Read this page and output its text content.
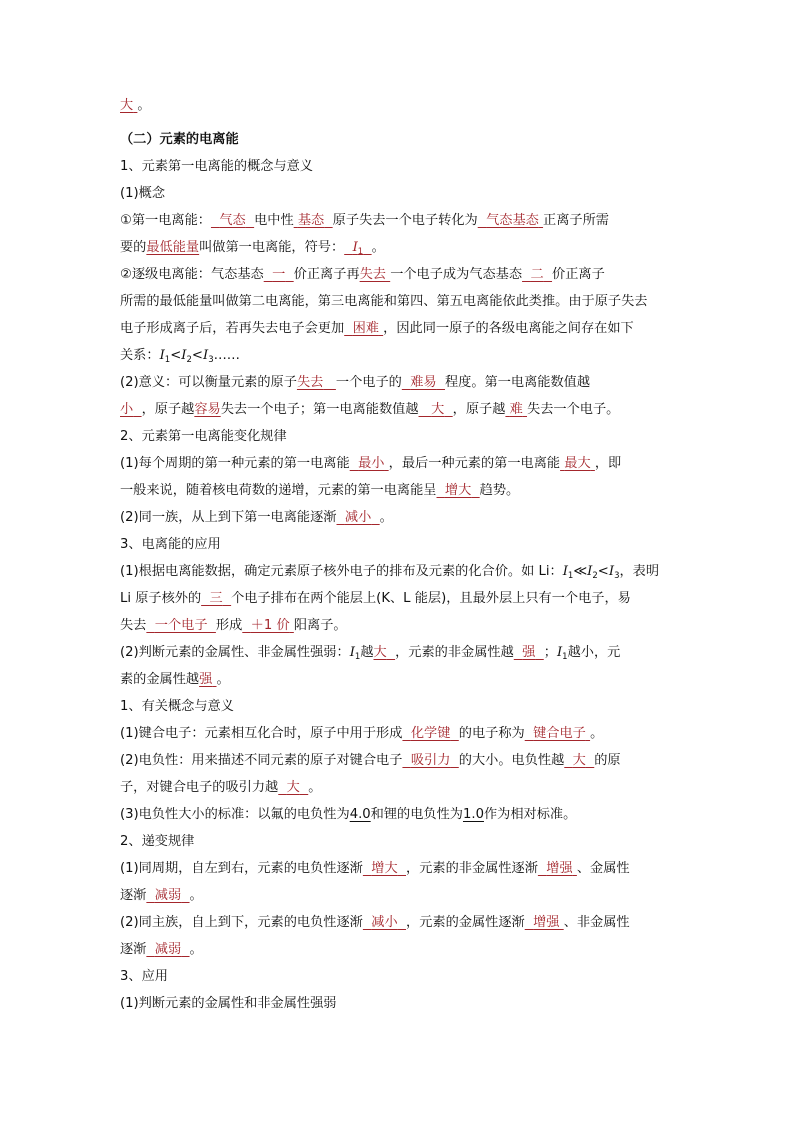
大 。
（二）元素的电离能
1、元素第一电离能的概念与意义
(1)概念
①第一电离能： 气态 电中性 基态 原子失去一个电子转化为 气态基态 正离子所需
要的最低能量叫做第一电离能，符号： $I_1$ 。
②逐级电离能：气态基态 一 价正离子再失去 一个电子成为气态基态 二 价正离子
所需的最低能量叫做第二电离能，第三电离能和第四、第五电离能依此类推。由于原子失去
电子形成离子后，若再失去电子会更加 困难 ，因此同一原子的各级电离能之间存在如下
关系：$I_1<I_2<I_3\dots\dots$
(2)意义：可以衡量元素的原子失去 一个电子的 难易 程度。第一电离能数值越
小 ，原子越容易失去一个电子；第一电离能数值越 大 ，原子越 难 失去一个电子。
2、元素第一电离能变化规律
(1)每个周期的第一种元素的第一电离能 最小 ，最后一种元素的第一电离能 最大 ，即
一般来说，随着核电荷数的递增，元素的第一电离能呈 增大 趋势。
(2)同一族，从上到下第一电离能逐渐 减小 。
3、电离能的应用
(1)根据电离能数据，确定元素原子核外电子的排布及元素的化合价。如 Li：$I_1≪I_2<I_3$，表明
Li 原子核外的 三 个电子排布在两个能层上(K、L 能层)，且最外层上只有一个电子，易
失去 一个电子 形成 ＋1 价 阳离子。
(2)判断元素的金属性、非金属性强弱：$I_1$越大 ，元素的非金属性越 强 ；$I_1$越小，元
素的金属性越强 。
1、有关概念与意义
(1)键合电子：元素相互化合时，原子中用于形成 化学键 的电子称为 键合电子 。
(2)电负性：用来描述不同元素的原子对键合电子 吸引力 的大小。电负性越 大 的原
子，对键合电子的吸引力越 大 。
(3)电负性大小的标准：以氟的电负性为4.0和锂的电负性为1.0作为相对标准。
2、递变规律
(1)同周期，自左到右，元素的电负性逐渐 增大 ，元素的非金属性逐渐 增强 、金属性
逐渐 减弱 。
(2)同主族，自上到下，元素的电负性逐渐 减小 ，元素的金属性逐渐 增强 、非金属性
逐渐 减弱 。
3、应用
(1)判断元素的金属性和非金属性强弱
